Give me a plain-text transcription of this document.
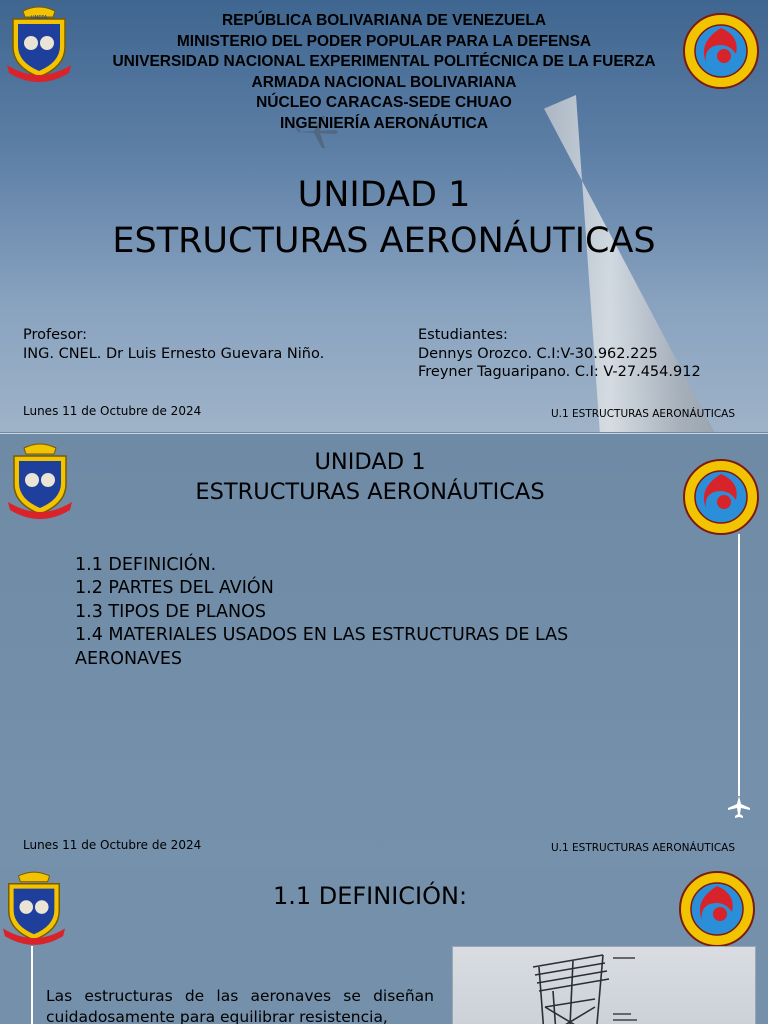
UNEFA	REPÚBLICA BOLIVARIANA DE VENEZUELA
MINISTERIO DEL PODER POPULAR PARA LA DEFENSA
UNIVERSIDAD NACIONAL EXPERIMENTAL POLITÉCNICA DE LA FUERZA
ARMADA NACIONAL BOLIVARIANA
NÚCLEO CARACAS-SEDE CHUAO
INGENIERÍA AERONÁUTICA
UNIDAD 1
ESTRUCTURAS AERONÁUTICAS
Profesor:
ING. CNEL. Dr Luis Ernesto Guevara Niño.
Estudiantes:
Dennys Orozco. C.I:V-30.962.225
Freyner Taguaripano. C.I: V-27.454.912
Lunes 11 de Octubre de 2024	U.1 ESTRUCTURAS AERONÁUTICAS
UNIDAD 1
ESTRUCTURAS AERONÁUTICAS
1.1 DEFINICIÓN.
1.2 PARTES DEL AVIÓN
1.3 TIPOS DE PLANOS
1.4 MATERIALES USADOS EN LAS ESTRUCTURAS DE LAS AERONAVES
Lunes 11 de Octubre de 2024	U.1 ESTRUCTURAS AERONÁUTICAS
1.1 DEFINICIÓN:
Las estructuras de las aeronaves se diseñan cuidadosamente para equilibrar resistencia,
